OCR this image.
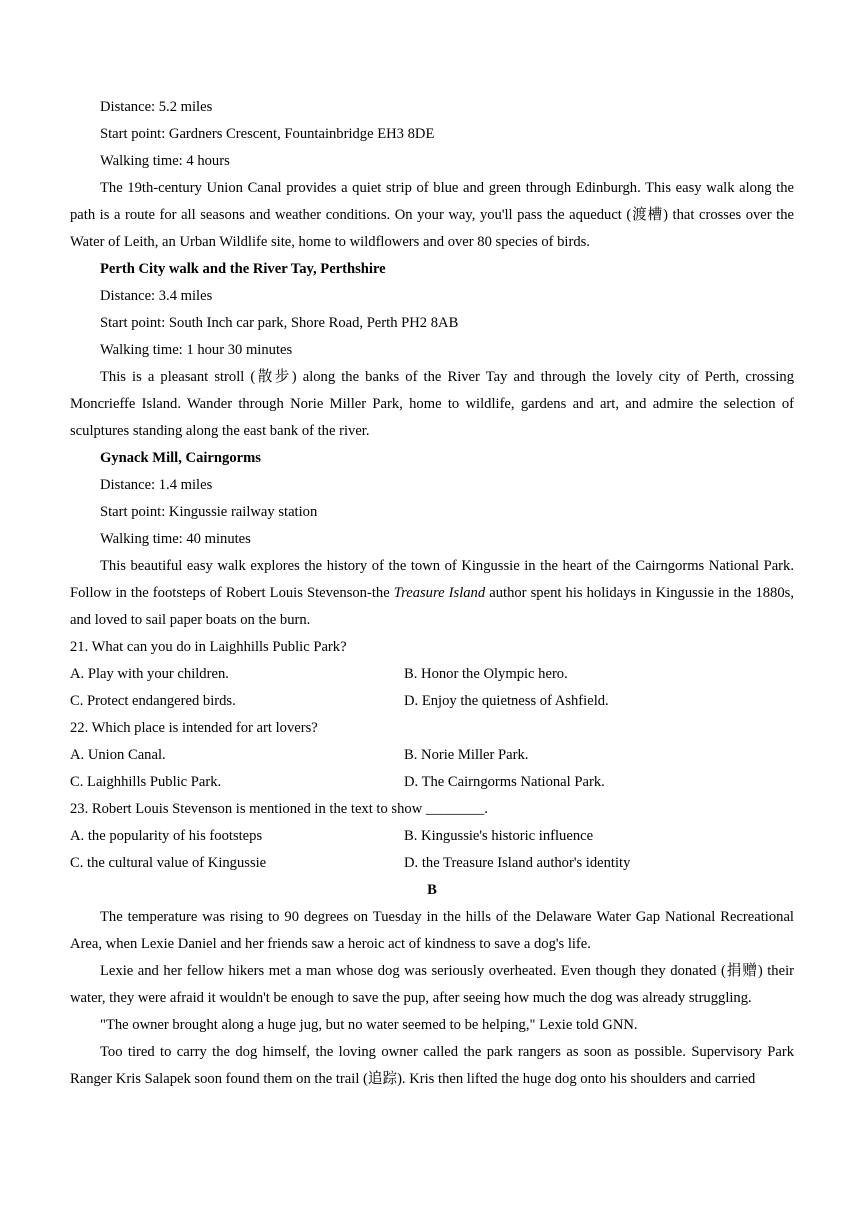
Distance: 5.2 miles
Start point: Gardners Crescent, Fountainbridge EH3 8DE
Walking time: 4 hours
The 19th-century Union Canal provides a quiet strip of blue and green through Edinburgh. This easy walk along the path is a route for all seasons and weather conditions. On your way, you'll pass the aqueduct (渡槽) that crosses over the Water of Leith, an Urban Wildlife site, home to wildflowers and over 80 species of birds.
Perth City walk and the River Tay, Perthshire
Distance: 3.4 miles
Start point: South Inch car park, Shore Road, Perth PH2 8AB
Walking time: 1 hour 30 minutes
This is a pleasant stroll (散步) along the banks of the River Tay and through the lovely city of Perth, crossing Moncrieffe Island. Wander through Norie Miller Park, home to wildlife, gardens and art, and admire the selection of sculptures standing along the east bank of the river.
Gynack Mill, Cairngorms
Distance: 1.4 miles
Start point: Kingussie railway station
Walking time: 40 minutes
This beautiful easy walk explores the history of the town of Kingussie in the heart of the Cairngorms National Park. Follow in the footsteps of Robert Louis Stevenson-the Treasure Island author spent his holidays in Kingussie in the 1880s, and loved to sail paper boats on the burn.
21. What can you do in Laighhills Public Park?
A. Play with your children.	B. Honor the Olympic hero.
C. Protect endangered birds.	D. Enjoy the quietness of Ashfield.
22. Which place is intended for art lovers?
A. Union Canal.	B. Norie Miller Park.
C. Laighhills Public Park.	D. The Cairngorms National Park.
23. Robert Louis Stevenson is mentioned in the text to show ________.
A. the popularity of his footsteps	B. Kingussie's historic influence
C. the cultural value of Kingussie	D. the Treasure Island author's identity
B
The temperature was rising to 90 degrees on Tuesday in the hills of the Delaware Water Gap National Recreational Area, when Lexie Daniel and her friends saw a heroic act of kindness to save a dog's life.
Lexie and her fellow hikers met a man whose dog was seriously overheated. Even though they donated (捐赠) their water, they were afraid it wouldn't be enough to save the pup, after seeing how much the dog was already struggling.
"The owner brought along a huge jug, but no water seemed to be helping," Lexie told GNN.
Too tired to carry the dog himself, the loving owner called the park rangers as soon as possible. Supervisory Park Ranger Kris Salapek soon found them on the trail (追踪). Kris then lifted the huge dog onto his shoulders and carried
